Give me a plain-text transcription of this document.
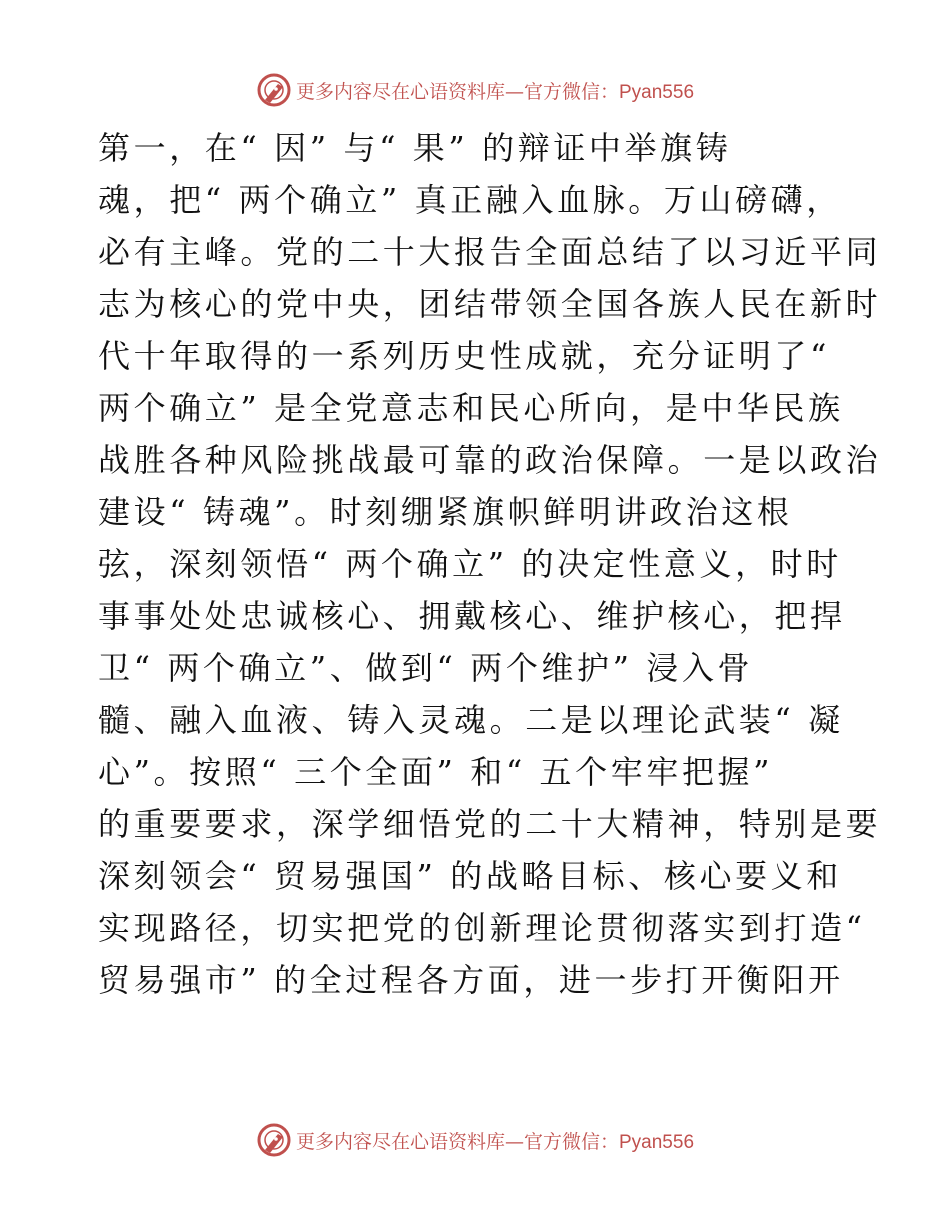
更多内容尽在心语资料库—官方微信：Pyan556
第一，在“ 因” 与“ 果” 的辩证中举旗铸
魂，把“ 两个确立” 真正融入血脉。万山磅礴，
必有主峰。党的二十大报告全面总结了以习近平同
志为核心的党中央，团结带领全国各族人民在新时
代十年取得的一系列历史性成就，充分证明了“
两个确立” 是全党意志和民心所向，是中华民族
战胜各种风险挑战最可靠的政治保障。一是以政治
建设“ 铸魂”。时刻绷紧旗帜鲜明讲政治这根
弦，深刻领悟“ 两个确立” 的决定性意义，时时
事事处处忠诚核心、拥戴核心、维护核心，把捍
卫“ 两个确立”、做到“ 两个维护” 浸入骨
髓、融入血液、铸入灵魂。二是以理论武装“ 凝
心”。按照“ 三个全面” 和“ 五个牢牢把握”
的重要要求，深学细悟党的二十大精神，特别是要
深刻领会“ 贸易强国” 的战略目标、核心要义和
实现路径，切实把党的创新理论贯彻落实到打造“
贸易强市” 的全过程各方面，进一步打开衡阳开
更多内容尽在心语资料库—官方微信：Pyan556
